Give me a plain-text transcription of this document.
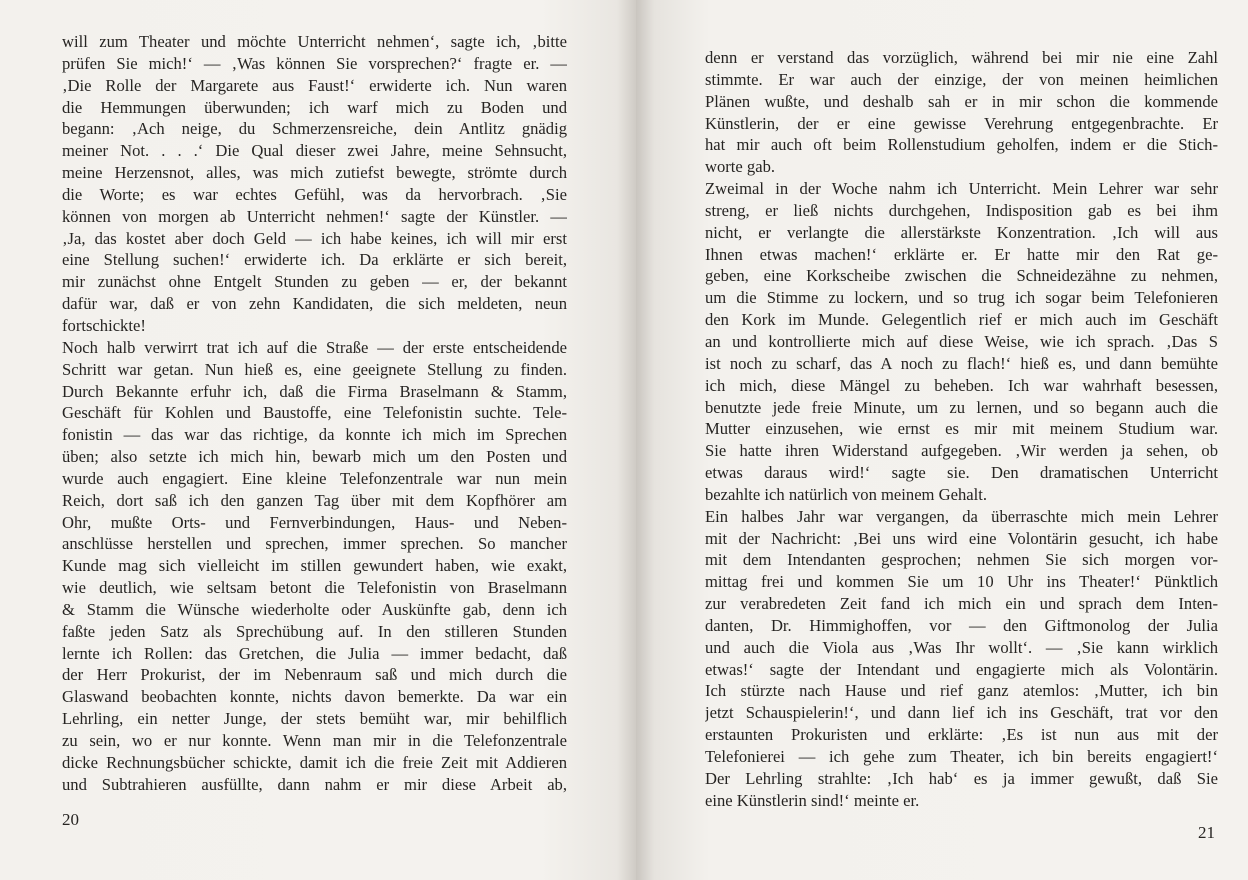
will zum Theater und möchte Unterricht nehmen‘, sagte ich, ‚bitte
prüfen Sie mich!‘ — ‚Was können Sie vorsprechen?‘ fragte er. —
‚Die Rolle der Margarete aus Faust!‘ erwiderte ich. Nun waren
die Hemmungen überwunden; ich warf mich zu Boden und
begann: ‚Ach neige, du Schmerzensreiche, dein Antlitz gnädig
meiner Not. . . .‘ Die Qual dieser zwei Jahre, meine Sehnsucht,
meine Herzensnot, alles, was mich zutiefst bewegte, strömte durch
die Worte; es war echtes Gefühl, was da hervorbrach. ‚Sie
können von morgen ab Unterricht nehmen!‘ sagte der Künstler. —
‚Ja, das kostet aber doch Geld — ich habe keines, ich will mir erst
eine Stellung suchen!‘ erwiderte ich. Da erklärte er sich bereit,
mir zunächst ohne Entgelt Stunden zu geben — er, der bekannt
dafür war, daß er von zehn Kandidaten, die sich meldeten, neun
fortschickte!
Noch halb verwirrt trat ich auf die Straße — der erste entscheidende
Schritt war getan. Nun hieß es, eine geeignete Stellung zu finden.
Durch Bekannte erfuhr ich, daß die Firma Braselmann & Stamm,
Geschäft für Kohlen und Baustoffe, eine Telefonistin suchte. Tele-
fonistin — das war das richtige, da konnte ich mich im Sprechen
üben; also setzte ich mich hin, bewarb mich um den Posten und
wurde auch engagiert. Eine kleine Telefonzentrale war nun mein
Reich, dort saß ich den ganzen Tag über mit dem Kopfhörer am
Ohr, mußte Orts- und Fernverbindungen, Haus- und Neben-
anschlüsse herstellen und sprechen, immer sprechen. So mancher
Kunde mag sich vielleicht im stillen gewundert haben, wie exakt,
wie deutlich, wie seltsam betont die Telefonistin von Braselmann
& Stamm die Wünsche wiederholte oder Auskünfte gab, denn ich
faßte jeden Satz als Sprechübung auf. In den stilleren Stunden
lernte ich Rollen: das Gretchen, die Julia — immer bedacht, daß
der Herr Prokurist, der im Nebenraum saß und mich durch die
Glaswand beobachten konnte, nichts davon bemerkte. Da war ein
Lehrling, ein netter Junge, der stets bemüht war, mir behilflich
zu sein, wo er nur konnte. Wenn man mir in die Telefonzentrale
dicke Rechnungsbücher schickte, damit ich die freie Zeit mit Addieren
und Subtrahieren ausfüllte, dann nahm er mir diese Arbeit ab,
20
denn er verstand das vorzüglich, während bei mir nie eine Zahl
stimmte. Er war auch der einzige, der von meinen heimlichen
Plänen wußte, und deshalb sah er in mir schon die kommende
Künstlerin, der er eine gewisse Verehrung entgegenbrachte. Er
hat mir auch oft beim Rollenstudium geholfen, indem er die Stich-
worte gab.
Zweimal in der Woche nahm ich Unterricht. Mein Lehrer war sehr
streng, er ließ nichts durchgehen, Indisposition gab es bei ihm
nicht, er verlangte die allerstärkste Konzentration. ‚Ich will aus
Ihnen etwas machen!‘ erklärte er. Er hatte mir den Rat ge-
geben, eine Korkscheibe zwischen die Schneidezähne zu nehmen,
um die Stimme zu lockern, und so trug ich sogar beim Telefonieren
den Kork im Munde. Gelegentlich rief er mich auch im Geschäft
an und kontrollierte mich auf diese Weise, wie ich sprach. ‚Das S
ist noch zu scharf, das A noch zu flach!‘ hieß es, und dann bemühte
ich mich, diese Mängel zu beheben. Ich war wahrhaft besessen,
benutzte jede freie Minute, um zu lernen, und so begann auch die
Mutter einzusehen, wie ernst es mir mit meinem Studium war.
Sie hatte ihren Widerstand aufgegeben. ‚Wir werden ja sehen, ob
etwas daraus wird!‘ sagte sie. Den dramatischen Unterricht
bezahlte ich natürlich von meinem Gehalt.
Ein halbes Jahr war vergangen, da überraschte mich mein Lehrer
mit der Nachricht: ‚Bei uns wird eine Volontärin gesucht, ich habe
mit dem Intendanten gesprochen; nehmen Sie sich morgen vor-
mittag frei und kommen Sie um 10 Uhr ins Theater!‘ Pünktlich
zur verabredeten Zeit fand ich mich ein und sprach dem Inten-
danten, Dr. Himmighoffen, vor — den Giftmonolog der Julia
und auch die Viola aus ‚Was Ihr wollt‘. — ‚Sie kann wirklich
etwas!‘ sagte der Intendant und engagierte mich als Volontärin.
Ich stürzte nach Hause und rief ganz atemlos: ‚Mutter, ich bin
jetzt Schauspielerin!‘, und dann lief ich ins Geschäft, trat vor den
erstaunten Prokuristen und erklärte: ‚Es ist nun aus mit der
Telefonierei — ich gehe zum Theater, ich bin bereits engagiert!‘
Der Lehrling strahlte: ‚Ich hab‘ es ja immer gewußt, daß Sie
eine Künstlerin sind!‘ meinte er.
21
